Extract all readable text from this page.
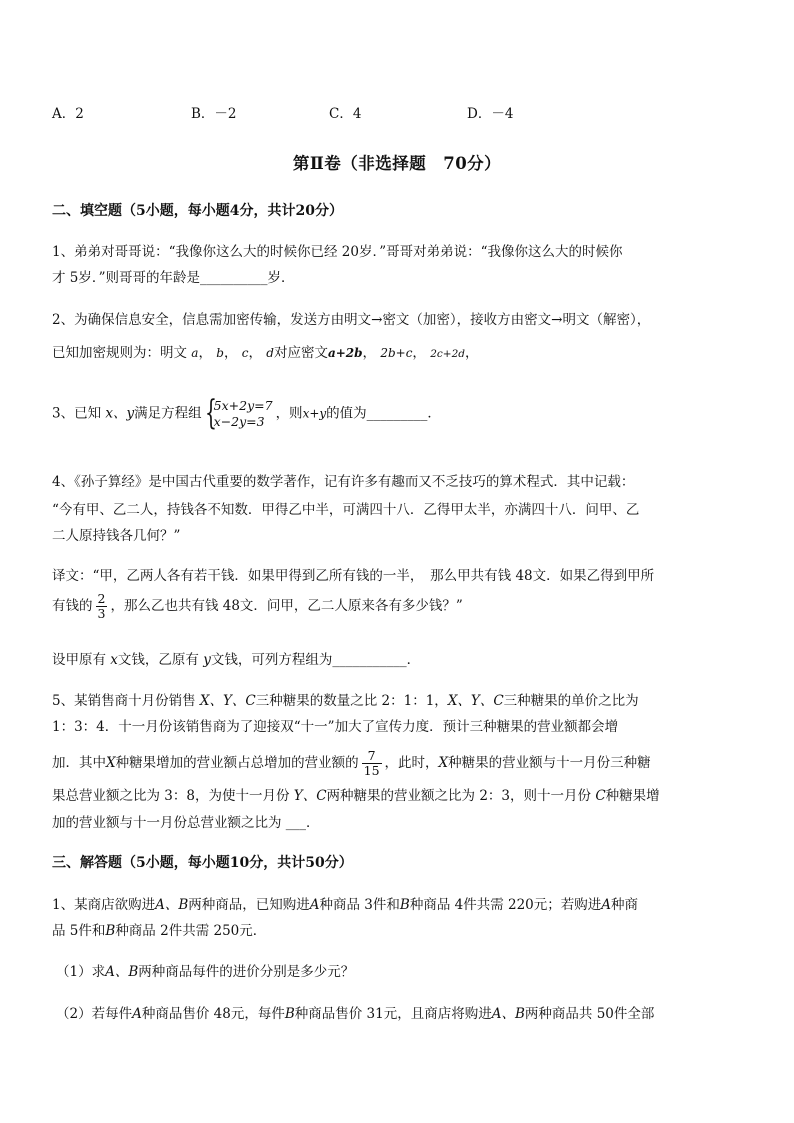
A．2	B．－2	C．4	D．－4
第Ⅱ卷（非选择题　70分）
二、填空题（5小题，每小题4分，共计20分）
1、弟弟对哥哥说：“我像你这么大的时候你已经 20岁．”哥哥对弟弟说：“我像你这么大的时候你
才 5岁．”则哥哥的年龄是__________岁．
2、为确保信息安全，信息需加密传输，发送方由明文→密文（加密），接收方由密文→明文（解密），
已知加密规则为：明文 a， b， c， d对应密文a+2b， 2b+c， 2c+2d，
3、已知 x、y满足方程组 {
5x+2y=7
x−2y=3 ，则x+y的值为_________．
4、《孙子算经》是中国古代重要的数学著作，记有许多有趣而又不乏技巧的算术程式．其中记载：
“今有甲、乙二人，持钱各不知数．甲得乙中半，可满四十八．乙得甲太半，亦满四十八．问甲、乙
二人原持钱各几何？”
译文：“甲，乙两人各有若干钱．如果甲得到乙所有钱的一半，　那么甲共有钱 48文．如果乙得到甲所
有钱的 $\frac{2}{3}$ ，那么乙也共有钱 48文．问甲，乙二人原来各有多少钱？”
设甲原有 x文钱，乙原有 y文钱，可列方程组为___________．
5、某销售商十月份销售 X、Y、C三种糖果的数量之比 2：1：1，X、Y、C三种糖果的单价之比为
1：3：4．十一月份该销售商为了迎接双“十一”加大了宣传力度．预计三种糖果的营业额都会增
加．其中X种糖果增加的营业额占总增加的营业额的 $\frac{7}{15}$ ，此时，X种糖果的营业额与十一月份三种糖
果总营业额之比为 3：8，为使十一月份 Y、C两种糖果的营业额之比为 2：3，则十一月份 C种糖果增
加的营业额与十一月份总营业额之比为 ___．
三、解答题（5小题，每小题10分，共计50分）
1、某商店欲购进A、B两种商品，已知购进A种商品 3件和B种商品 4件共需 220元；若购进A种商
品 5件和B种商品 2件共需 250元．
（1）求A、B两种商品每件的进价分别是多少元？
（2）若每件A种商品售价 48元，每件B种商品售价 31元，且商店将购进A、B两种商品共 50件全部
